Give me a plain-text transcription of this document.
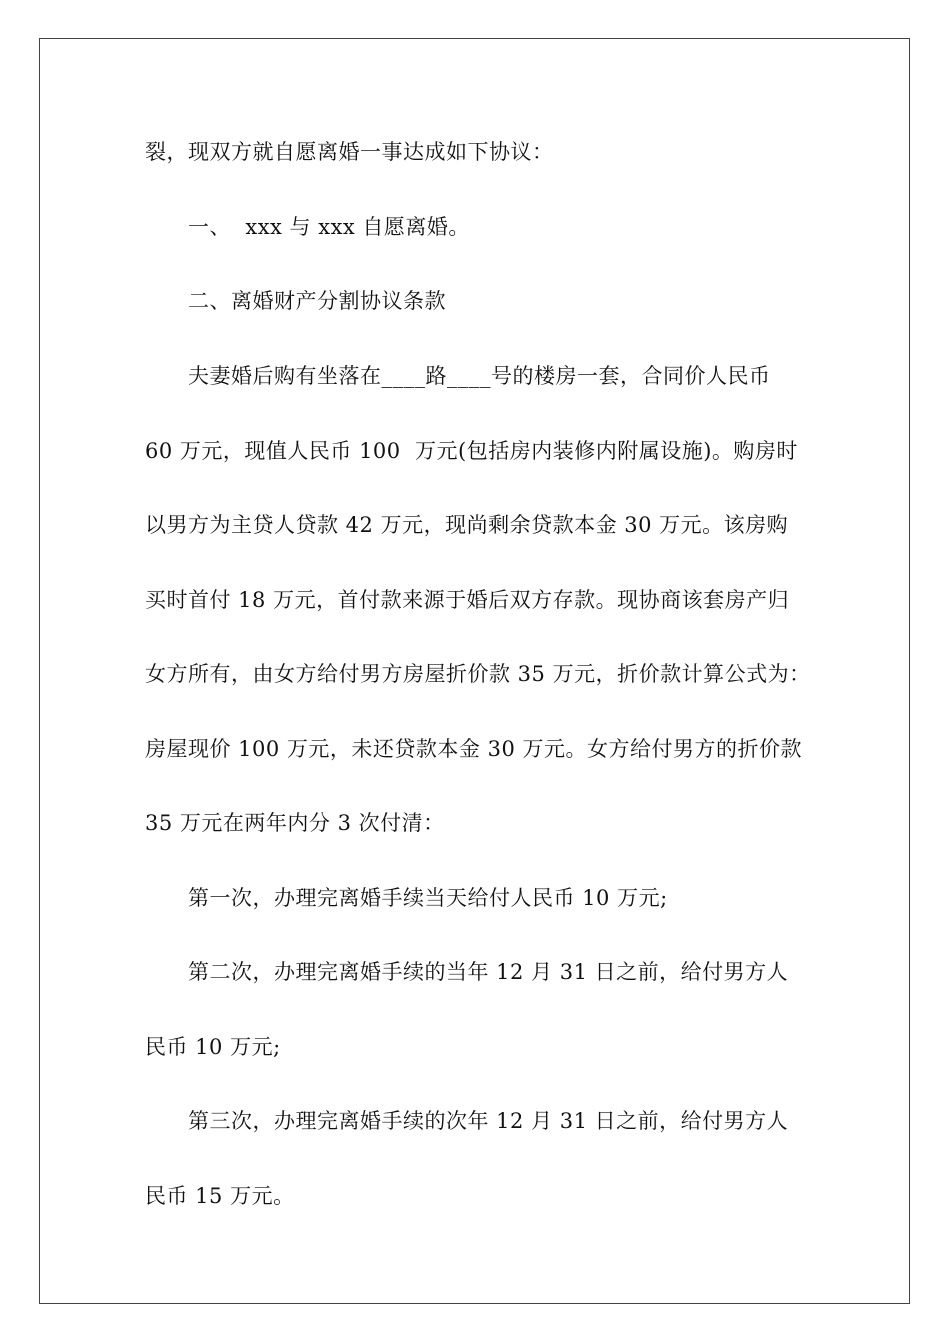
裂，现双方就自愿离婚一事达成如下协议：
一、  xxx 与 xxx 自愿离婚。
二、离婚财产分割协议条款
夫妻婚后购有坐落在____路____号的楼房一套，合同价人民币
60 万元，现值人民币 100  万元(包括房内装修内附属设施)。购房时
以男方为主贷人贷款 42 万元，现尚剩余贷款本金 30 万元。该房购
买时首付 18 万元，首付款来源于婚后双方存款。现协商该套房产归
女方所有，由女方给付男方房屋折价款 35 万元，折价款计算公式为：
房屋现价 100 万元，未还贷款本金 30 万元。女方给付男方的折价款
35 万元在两年内分 3 次付清：
第一次，办理完离婚手续当天给付人民币 10 万元;
第二次，办理完离婚手续的当年 12 月 31 日之前，给付男方人
民币 10 万元;
第三次，办理完离婚手续的次年 12 月 31 日之前，给付男方人
民币 15 万元。
